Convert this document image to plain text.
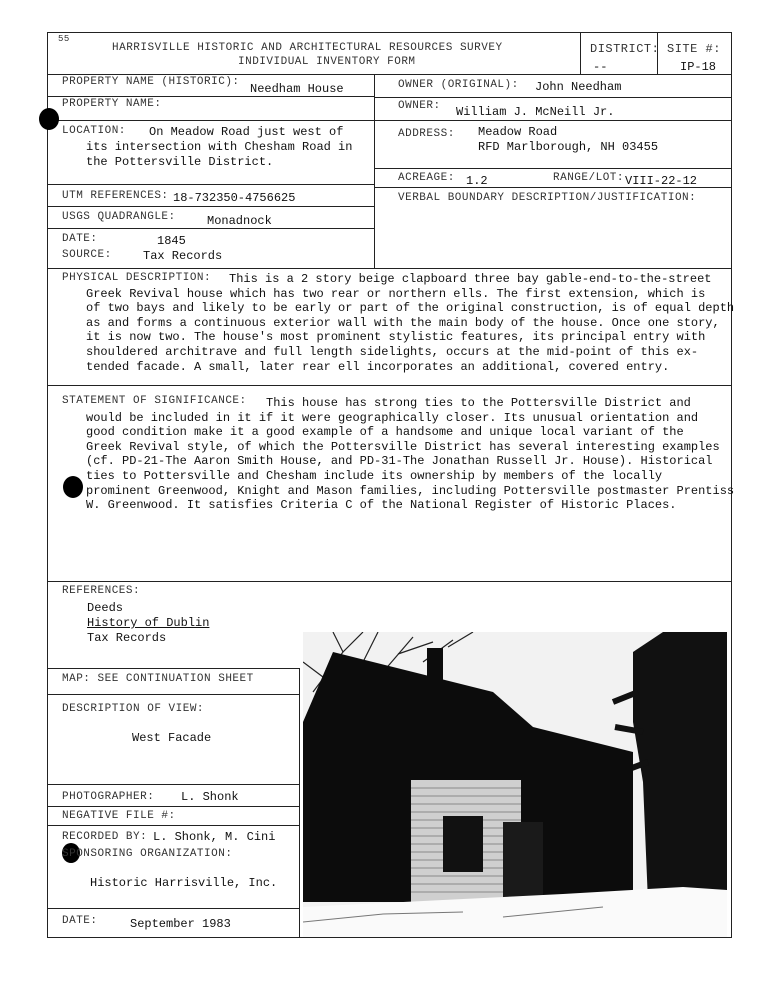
55
HARRISVILLE HISTORIC AND ARCHITECTURAL RESOURCES SURVEY
INDIVIDUAL INVENTORY FORM
DISTRICT:
--
SITE #:
IP-18
PROPERTY NAME (HISTORIC): Needham House
PROPERTY NAME:
LOCATION: On Meadow Road just west of
its intersection with Chesham Road in
the Pottersville District.
UTM REFERENCES: 18-732350-4756625
USGS QUADRANGLE:	Monadnock
DATE:	1845
SOURCE:	Tax Records
OWNER (ORIGINAL): John Needham
OWNER: William J. McNeill Jr.
ADDRESS: Meadow Road
RFD Marlborough, NH 03455
ACREAGE: 1.2	RANGE/LOT: VIII-22-12
VERBAL BOUNDARY DESCRIPTION/JUSTIFICATION:
PHYSICAL DESCRIPTION: This is a 2 story beige clapboard three bay gable-end-to-the-street
Greek Revival house which has two rear or northern ells. The first extension, which is
of two bays and likely to be early or part of the original construction, is of equal depth
as and forms a continuous exterior wall with the main body of the house. Once one story,
it is now two. The house's most prominent stylistic features, its principal entry with
shouldered architrave and full length sidelights, occurs at the mid-point of this ex-
tended facade. A small, later rear ell incorporates an additional, covered entry.
STATEMENT OF SIGNIFICANCE: This house has strong ties to the Pottersville District and
would be included in it if it were geographically closer. Its unusual orientation and
good condition make it a good example of a handsome and unique local variant of the
Greek Revival style, of which the Pottersville District has several interesting examples
(cf. PD-21-The Aaron Smith House, and PD-31-The Jonathan Russell Jr. House). Historical
ties to Pottersville and Chesham include its ownership by members of the locally
prominent Greenwood, Knight and Mason families, including Pottersville postmaster Prentiss
W. Greenwood. It satisfies Criteria C of the National Register of Historic Places.
REFERENCES:
Deeds
History of Dublin
Tax Records
MAP: SEE CONTINUATION SHEET
DESCRIPTION OF VIEW:
West Facade
PHOTOGRAPHER: L. Shonk
NEGATIVE FILE #:
RECORDED BY: L. Shonk, M. Cini
SPONSORING ORGANIZATION:
Historic Harrisville, Inc.
DATE:	September 1983
